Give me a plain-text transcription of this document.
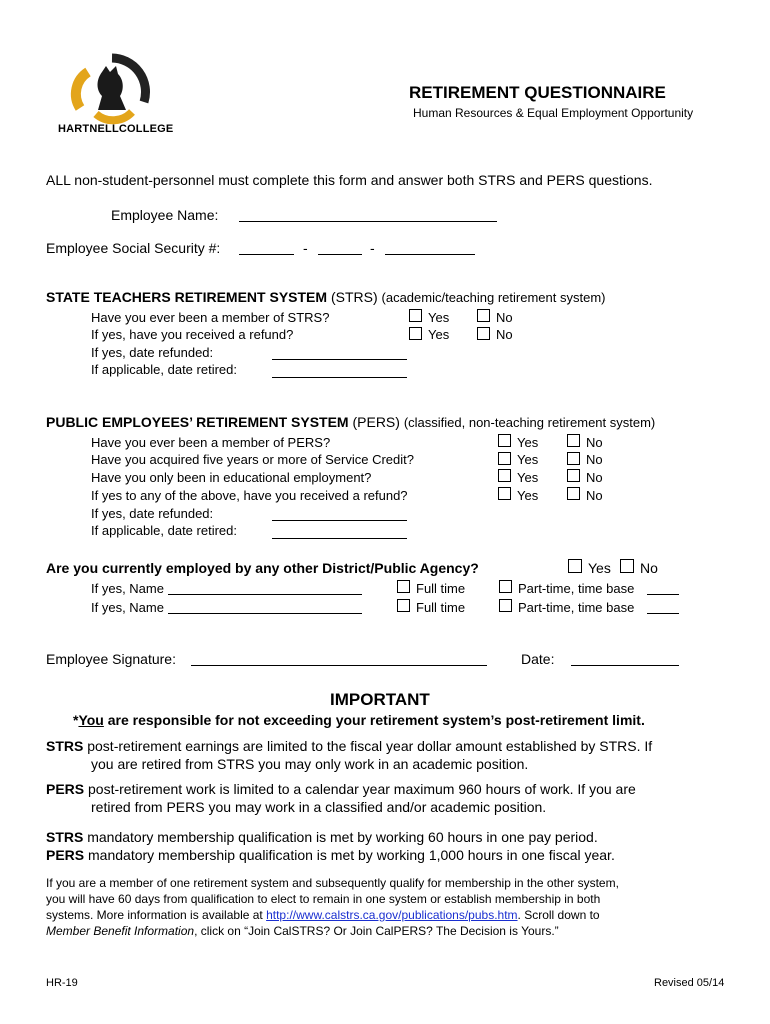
HARTNELLCOLLEGE
RETIREMENT QUESTIONNAIRE
Human Resources & Equal Employment Opportunity
ALL non-student-personnel must complete this form and answer both STRS and PERS questions.
Employee Name:
Employee Social Security #:	-	-
STATE TEACHERS RETIREMENT SYSTEM (STRS) (academic/teaching retirement system)
Have you ever been a member of STRS?	Yes	No
If yes, have you received a refund?	Yes	No
If yes, date refunded:
If applicable, date retired:
PUBLIC EMPLOYEES’ RETIREMENT SYSTEM (PERS) (classified, non-teaching retirement system)
Have you ever been a member of PERS?	Yes	No
Have you acquired five years or more of Service Credit?	Yes	No
Have you only been in educational employment?	Yes	No
If yes to any of the above, have you received a refund?	Yes	No
If yes, date refunded:
If applicable, date retired:
Are you currently employed by any other District/Public Agency?	Yes No
If yes, Name	Full time	Part-time, time base
If yes, Name	Full time	Part-time, time base
Employee Signature:	Date:
IMPORTANT
*You are responsible for not exceeding your retirement system’s post-retirement limit.
STRS post-retirement earnings are limited to the fiscal year dollar amount established by STRS. If
you are retired from STRS you may only work in an academic position.
PERS post-retirement work is limited to a calendar year maximum 960 hours of work. If you are
retired from PERS you may work in a classified and/or academic position.
STRS mandatory membership qualification is met by working 60 hours in one pay period.
PERS mandatory membership qualification is met by working 1,000 hours in one fiscal year.
If you are a member of one retirement system and subsequently qualify for membership in the other system,
you will have 60 days from qualification to elect to remain in one system or establish membership in both
systems. More information is available at http://www.calstrs.ca.gov/publications/pubs.htm. Scroll down to
Member Benefit Information, click on “Join CalSTRS? Or Join CalPERS? The Decision is Yours.”
HR-19	Revised 05/14
